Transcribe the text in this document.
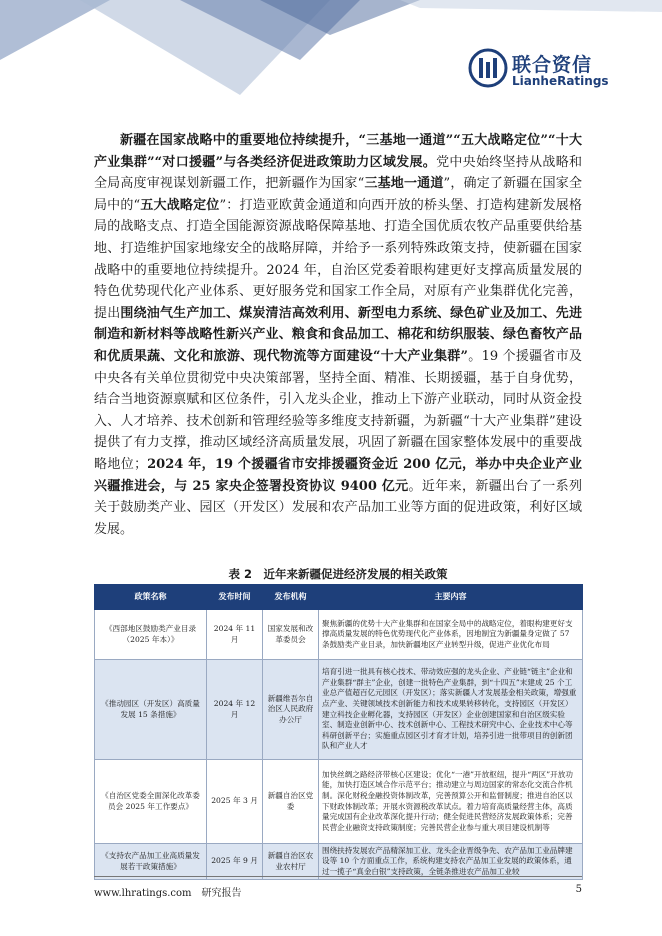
联合资信
LianheRatings

新疆在国家战略中的重要地位持续提升，“三基地一通道”“五大战略定位”“十大产业集群”“对口援疆”与各类经济促进政策助力区域发展。党中央始终坚持从战略和全局高度审视谋划新疆工作，把新疆作为国家“三基地一通道”，确定了新疆在国家全局中的“五大战略定位”：打造亚欧黄金通道和向西开放的桥头堡、打造构建新发展格局的战略支点、打造全国能源资源战略保障基地、打造全国优质农牧产品重要供给基地、打造维护国家地缘安全的战略屏障，并给予一系列特殊政策支持，使新疆在国家战略中的重要地位持续提升。2024 年，自治区党委着眼构建更好支撑高质量发展的特色优势现代化产业体系、更好服务党和国家工作全局，对原有产业集群优化完善，提出围绕油气生产加工、煤炭清洁高效利用、新型电力系统、绿色矿业及加工、先进制造和新材料等战略性新兴产业、粮食和食品加工、棉花和纺织服装、绿色畜牧产品和优质果蔬、文化和旅游、现代物流等方面建设“十大产业集群”。19 个援疆省市及中央各有关单位贯彻党中央决策部署，坚持全面、精准、长期援疆，基于自身优势，结合当地资源禀赋和区位条件，引入龙头企业，推动上下游产业联动，同时从资金投入、人才培养、技术创新和管理经验等多维度支持新疆，为新疆“十大产业集群”建设提供了有力支撑，推动区域经济高质量发展，巩固了新疆在国家整体发展中的重要战略地位；2024 年，19 个援疆省市安排援疆资金近 200 亿元，举办中央企业产业兴疆推进会，与 25 家央企签署投资协议 9400 亿元。近年来，新疆出台了一系列关于鼓励类产业、园区（开发区）发展和农产品加工业等方面的促进政策，利好区域发展。

表 2　近年来新疆促进经济发展的相关政策
政策名称	发布时间	发布机构	主要内容
《西部地区鼓励类产业目录（2025 年本）》	2024 年 11 月	国家发展和改革委员会	聚焦新疆的优势十大产业集群和在国家全局中的战略定位，着眼构建更好支撑高质量发展的特色优势现代化产业体系，因地制宜为新疆量身定做了 57 条鼓励类产业目录，加快新疆地区产业转型升级，促进产业优化布局
《推动园区（开发区）高质量发展 15 条措施》	2024 年 12 月	新疆维吾尔自治区人民政府办公厅	培育引进一批具有核心技术、带动效应强的龙头企业、产业链“链主”企业和产业集群“群主”企业，创建一批特色产业集群，到“十四五”末建成 25 个工业总产值超百亿元园区（开发区）；落实新疆人才发展基金相关政策，增强重点产业、关键领域技术创新能力和技术成果转移转化，支持园区（开发区）建立科技企业孵化器，支持园区（开发区）企业创建国家和自治区级实验室、制造业创新中心、技术创新中心、工程技术研究中心、企业技术中心等科研创新平台；实施重点园区引才育才计划，培养引进一批带项目的创新团队和产业人才
《自治区党委全面深化改革委员会 2025 年工作要点》	2025 年 3 月	新疆自治区党委	加快丝绸之路经济带核心区建设；优化“一港”开放枢纽，提升“两区”开放功能，加快打造区域合作示范平台；推动建立与周边国家的常态化交流合作机制。深化财税金融投资体制改革，完善预算公开和监督制度；推进自治区以下财政体制改革；开展水资源税改革试点。着力培育高质量经营主体，高质量完成国有企业改革深化提升行动；健全促进民营经济发展政策体系；完善民营企业融资支持政策制度；完善民营企业参与重大项目建设机制等
《支持农产品加工业高质量发展若干政策措施》	2025 年 9 月	新疆自治区农业农村厅	围绕扶持发展农产品精深加工业、龙头企业晋级争先、农产品加工业品牌建设等 10 个方面重点工作，系统构建支持农产品加工业发展的政策体系，通过一揽子“真金白银”支持政策，全链条推进农产品加工业较
www.lhratings.com 研究报告	5
